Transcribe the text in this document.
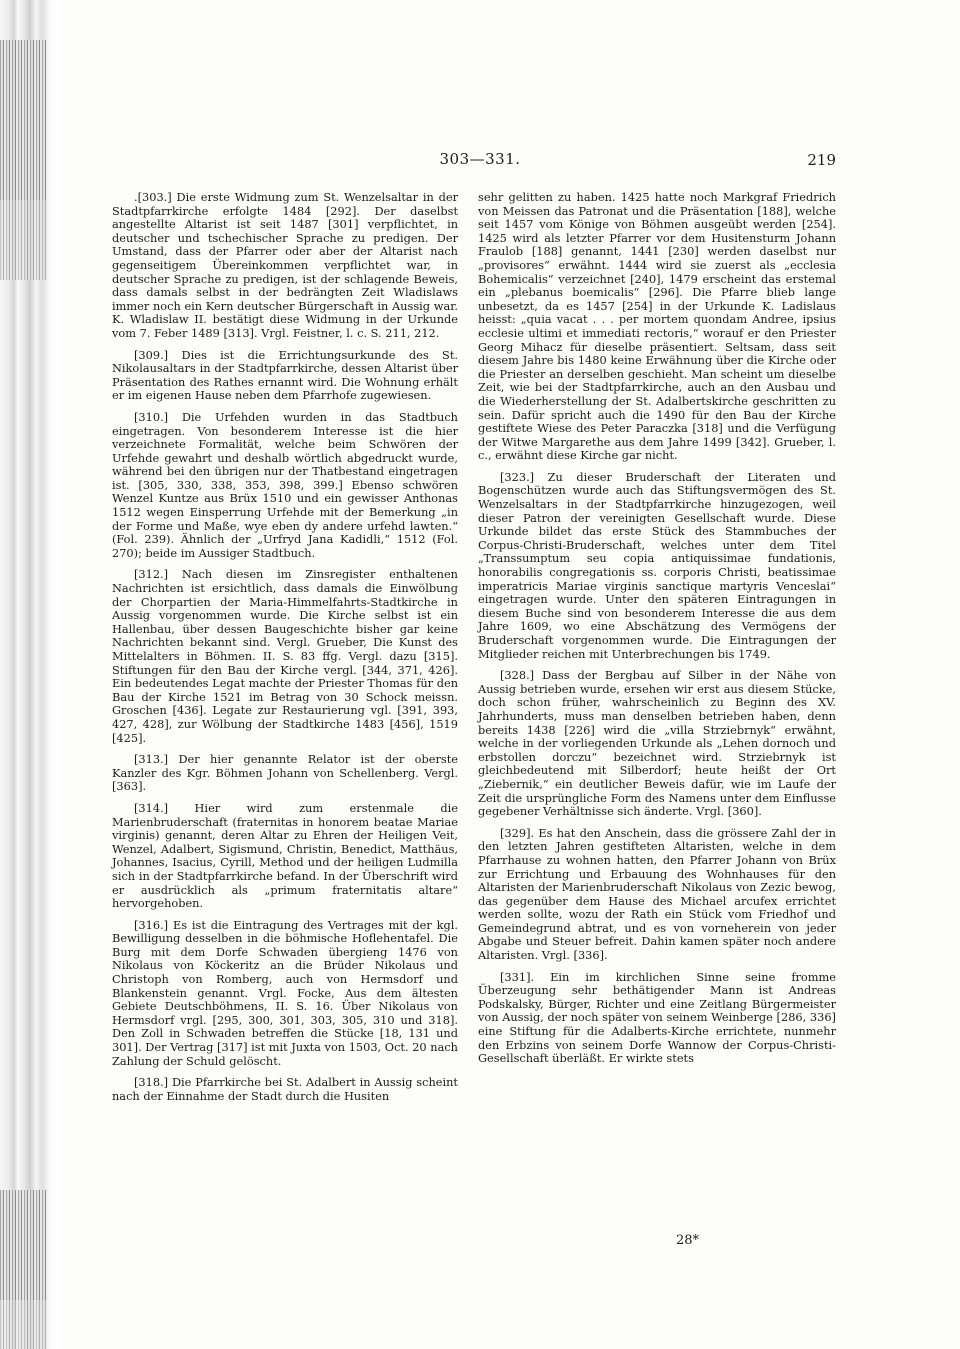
303—331.	219

.[303.] Die erste Widmung zum St. Wenzelsaltar in der Stadtpfarrkirche erfolgte 1484 [292]. Der daselbst angestellte Altarist ist seit 1487 [301] verpflichtet, in deutscher und tschechischer Sprache zu predigen. Der Umstand, dass der Pfarrer oder aber der Altarist nach gegenseitigem Übereinkommen verpflichtet war, in deutscher Sprache zu predigen, ist der schlagende Beweis, dass damals selbst in der bedrängten Zeit Wladislaws immer noch ein Kern deutscher Bürgerschaft in Aussig war. K. Wladislaw II. bestätigt diese Widmung in der Urkunde vom 7. Feber 1489 [313]. Vrgl. Feistner, l. c. S. 211, 212.

[309.] Dies ist die Errichtungsurkunde des St. Nikolausaltars in der Stadtpfarrkirche, dessen Altarist über Präsentation des Rathes ernannt wird. Die Wohnung erhält er im eigenen Hause neben dem Pfarrhofe zugewiesen.

[310.] Die Urfehden wurden in das Stadtbuch eingetragen. Von besonderem Interesse ist die hier verzeichnete Formalität, welche beim Schwören der Urfehde gewahrt und deshalb wörtlich abgedruckt wurde, während bei den übrigen nur der Thatbestand eingetragen ist. [305, 330, 338, 353, 398, 399.] Ebenso schwören Wenzel Kuntze aus Brüx 1510 und ein gewisser Anthonas 1512 wegen Einsperrung Urfehde mit der Bemerkung „in der Forme und Maße, wye eben dy andere urfehd lawten.“ (Fol. 239). Ähnlich der „Urfryd Jana Kadidli,“ 1512 (Fol. 270); beide im Aussiger Stadtbuch.

[312.] Nach diesen im Zinsregister enthaltenen Nachrichten ist ersichtlich, dass damals die Einwölbung der Chorpartien der Maria-Himmelfahrts-Stadtkirche in Aussig vorgenommen wurde. Die Kirche selbst ist ein Hallenbau, über dessen Baugeschichte bisher gar keine Nachrichten bekannt sind. Vergl. Grueber, Die Kunst des Mittelalters in Böhmen. II. S. 83 ffg. Vergl. dazu [315]. Stiftungen für den Bau der Kirche vergl. [344, 371, 426]. Ein bedeutendes Legat machte der Priester Thomas für den Bau der Kirche 1521 im Betrag von 30 Schock meissn. Groschen [436]. Legate zur Restaurierung vgl. [391, 393, 427, 428], zur Wölbung der Stadtkirche 1483 [456], 1519 [425].

[313.] Der hier genannte Relator ist der oberste Kanzler des Kgr. Böhmen Johann von Schellenberg. Vergl. [363].

[314.] Hier wird zum erstenmale die Marienbruderschaft (fraternitas in honorem beatae Mariae virginis) genannt, deren Altar zu Ehren der Heiligen Veit, Wenzel, Adalbert, Sigismund, Christin, Benedict, Matthäus, Johannes, Isacius, Cyrill, Method und der heiligen Ludmilla sich in der Stadtpfarrkirche befand. In der Überschrift wird er ausdrücklich als „primum fraternitatis altare“ hervorgehoben.

[316.] Es ist die Eintragung des Vertrages mit der kgl. Bewilligung desselben in die böhmische Hoflehentafel. Die Burg mit dem Dorfe Schwaden übergieng 1476 von Nikolaus von Köckeritz an die Brüder Nikolaus und Christoph von Romberg, auch von Hermsdorf und Blankenstein genannt. Vrgl. Focke, Aus dem ältesten Gebiete Deutschböhmens, II. S. 16. Über Nikolaus von Hermsdorf vrgl. [295, 300, 301, 303, 305, 310 und 318]. Den Zoll in Schwaden betreffen die Stücke [18, 131 und 301]. Der Vertrag [317] ist mit Juxta von 1503, Oct. 20 nach Zahlung der Schuld gelöscht.

[318.] Die Pfarrkirche bei St. Adalbert in Aussig scheint nach der Einnahme der Stadt durch die Husiten

sehr gelitten zu haben. 1425 hatte noch Markgraf Friedrich von Meissen das Patronat und die Präsentation [188], welche seit 1457 vom Könige von Böhmen ausgeübt werden [254]. 1425 wird als letzter Pfarrer vor dem Husitensturm Johann Fraulob [188] genannt, 1441 [230] werden daselbst nur „provisores“ erwähnt. 1444 wird sie zuerst als „ecclesia Bohemicalis“ verzeichnet [240], 1479 erscheint das erstemal ein „plebanus boemicalis“ [296]. Die Pfarre blieb lange unbesetzt, da es 1457 [254] in der Urkunde K. Ladislaus heisst: „quia vacat . . . per mortem quondam Andree, ipsius ecclesie ultimi et immediati rectoris,“ worauf er den Priester Georg Mihacz für dieselbe präsentiert. Seltsam, dass seit diesem Jahre bis 1480 keine Erwähnung über die Kirche oder die Priester an derselben geschieht. Man scheint um dieselbe Zeit, wie bei der Stadtpfarrkirche, auch an den Ausbau und die Wiederherstellung der St. Adalbertskirche geschritten zu sein. Dafür spricht auch die 1490 für den Bau der Kirche gestiftete Wiese des Peter Paraczka [318] und die Verfügung der Witwe Margarethe aus dem Jahre 1499 [342]. Grueber, l. c., erwähnt diese Kirche gar nicht.

[323.] Zu dieser Bruderschaft der Literaten und Bogenschützen wurde auch das Stiftungsvermögen des St. Wenzelsaltars in der Stadtpfarrkirche hinzugezogen, weil dieser Patron der vereinigten Gesellschaft wurde. Diese Urkunde bildet das erste Stück des Stammbuches der Corpus-Christi-Bruderschaft, welches unter dem Titel „Transsumptum seu copia antiquissimae fundationis, honorabilis congregationis ss. corporis Christi, beatissimae imperatricis Mariae virginis sanctique martyris Venceslai“ eingetragen wurde. Unter den späteren Eintragungen in diesem Buche sind von besonderem Interesse die aus dem Jahre 1609, wo eine Abschätzung des Vermögens der Bruderschaft vorgenommen wurde. Die Eintragungen der Mitglieder reichen mit Unterbrechungen bis 1749.

[328.] Dass der Bergbau auf Silber in der Nähe von Aussig betrieben wurde, ersehen wir erst aus diesem Stücke, doch schon früher, wahrscheinlich zu Beginn des XV. Jahrhunderts, muss man denselben betrieben haben, denn bereits 1438 [226] wird die „villa Strziebrnyk“ erwähnt, welche in der vorliegenden Urkunde als „Lehen dornoch und erbstollen dorczu“ bezeichnet wird. Strziebrnyk ist gleichbedeutend mit Silberdorf; heute heißt der Ort „Ziebernik,“ ein deutlicher Beweis dafür, wie im Laufe der Zeit die ursprüngliche Form des Namens unter dem Einflusse gegebener Verhältnisse sich änderte. Vrgl. [360].

[329]. Es hat den Anschein, dass die grössere Zahl der in den letzten Jahren gestifteten Altaristen, welche in dem Pfarrhause zu wohnen hatten, den Pfarrer Johann von Brüx zur Errichtung und Erbauung des Wohnhauses für den Altaristen der Marienbruderschaft Nikolaus von Zezic bewog, das gegenüber dem Hause des Michael arcufex errichtet werden sollte, wozu der Rath ein Stück vom Friedhof und Gemeindegrund abtrat, und es von vorneherein von jeder Abgabe und Steuer befreit. Dahin kamen später noch andere Altaristen. Vrgl. [336].

[331]. Ein im kirchlichen Sinne seine fromme Überzeugung sehr bethätigender Mann ist Andreas Podskalsky, Bürger, Richter und eine Zeitlang Bürgermeister von Aussig, der noch später von seinem Weinberge [286, 336] eine Stiftung für die Adalberts-Kirche errichtete, nunmehr den Erbzins von seinem Dorfe Wannow der Corpus-Christi-Gesellschaft überläßt. Er wirkte stets

28*
